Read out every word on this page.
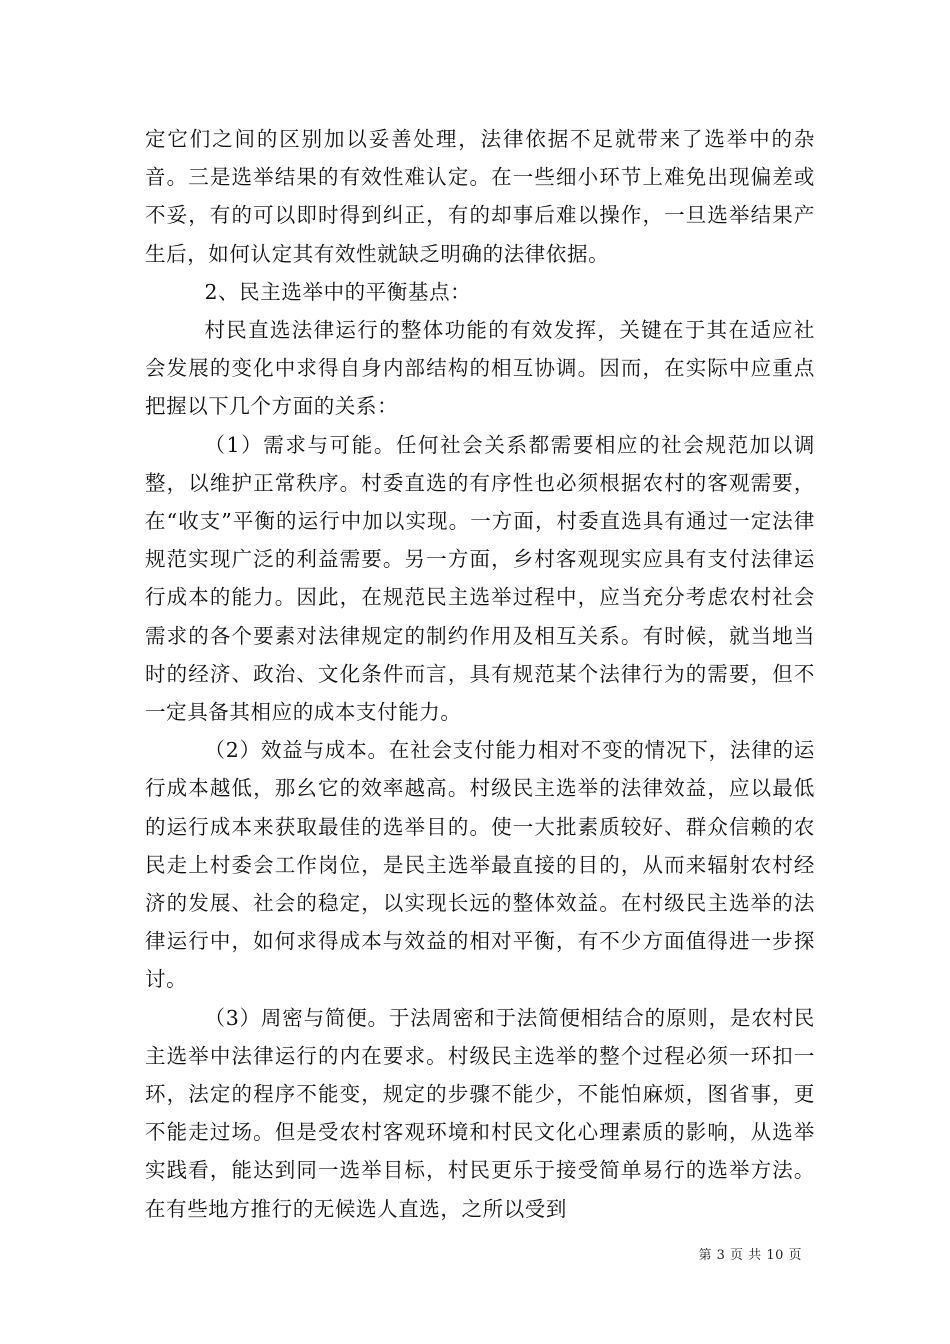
定它们之间的区别加以妥善处理，法律依据不足就带来了选举中的杂音。三是选举结果的有效性难认定。在一些细小环节上难免出现偏差或不妥，有的可以即时得到纠正，有的却事后难以操作，一旦选举结果产生后，如何认定其有效性就缺乏明确的法律依据。

2、民主选举中的平衡基点：

村民直选法律运行的整体功能的有效发挥，关键在于其在适应社会发展的变化中求得自身内部结构的相互协调。因而，在实际中应重点把握以下几个方面的关系：

（1）需求与可能。任何社会关系都需要相应的社会规范加以调整，以维护正常秩序。村委直选的有序性也必须根据农村的客观需要，在“收支”平衡的运行中加以实现。一方面，村委直选具有通过一定法律规范实现广泛的利益需要。另一方面，乡村客观现实应具有支付法律运行成本的能力。因此，在规范民主选举过程中，应当充分考虑农村社会需求的各个要素对法律规定的制约作用及相互关系。有时候，就当地当时的经济、政治、文化条件而言，具有规范某个法律行为的需要，但不一定具备其相应的成本支付能力。

（2）效益与成本。在社会支付能力相对不变的情况下，法律的运行成本越低，那幺它的效率越高。村级民主选举的法律效益，应以最低的运行成本来获取最佳的选举目的。使一大批素质较好、群众信赖的农民走上村委会工作岗位，是民主选举最直接的目的，从而来辐射农村经济的发展、社会的稳定，以实现长远的整体效益。在村级民主选举的法律运行中，如何求得成本与效益的相对平衡，有不少方面值得进一步探讨。

（3）周密与简便。于法周密和于法简便相结合的原则，是农村民主选举中法律运行的内在要求。村级民主选举的整个过程必须一环扣一环，法定的程序不能变，规定的步骤不能少，不能怕麻烦，图省事，更不能走过场。但是受农村客观环境和村民文化心理素质的影响，从选举实践看，能达到同一选举目标，村民更乐于接受简单易行的选举方法。在有些地方推行的无候选人直选，之所以受到

第 3 页 共 10 页
